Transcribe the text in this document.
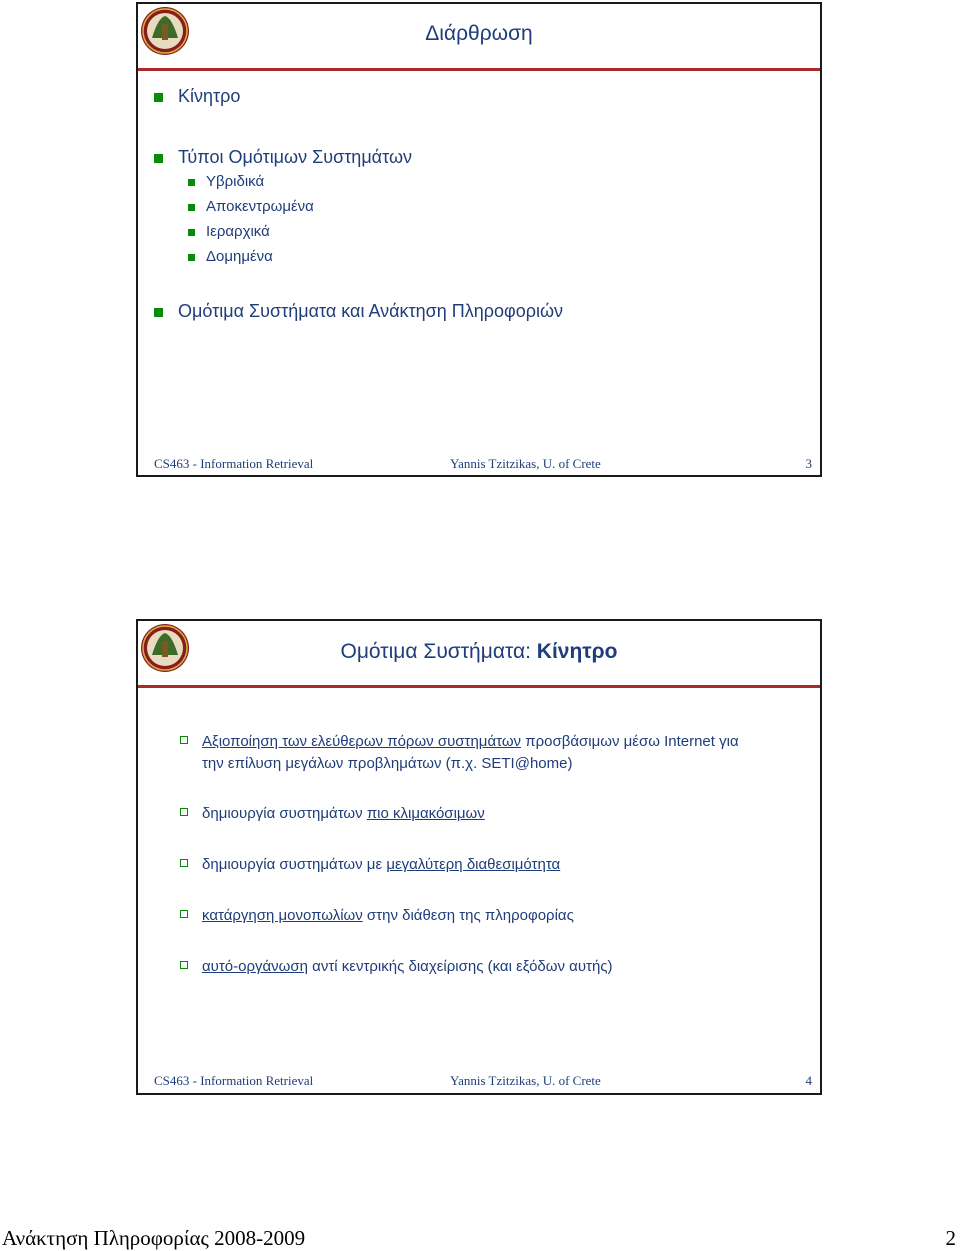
Διάρθρωση
Κίνητρο
Τύποι Ομότιμων Συστημάτων
Υβριδικά
Αποκεντρωμένα
Ιεραρχικά
Δομημένα
Ομότιμα Συστήματα και Ανάκτηση Πληροφοριών
CS463 - Information Retrieval	Yannis Tzitzikas, U. of Crete	3
Ομότιμα Συστήματα: Κίνητρο
Αξιοποίηση των ελεύθερων πόρων συστημάτων προσβάσιμων μέσω Internet για
την επίλυση μεγάλων προβλημάτων (π.χ. SETI@home)
δημιουργία συστημάτων πιο κλιμακόσιμων
δημιουργία συστημάτων με μεγαλύτερη διαθεσιμότητα
κατάργηση μονοπωλίων στην διάθεση της πληροφορίας
αυτό-οργάνωση αντί κεντρικής διαχείρισης (και εξόδων αυτής)
CS463 - Information Retrieval	Yannis Tzitzikas, U. of Crete	4
Ανάκτηση Πληροφορίας 2008-2009	2
